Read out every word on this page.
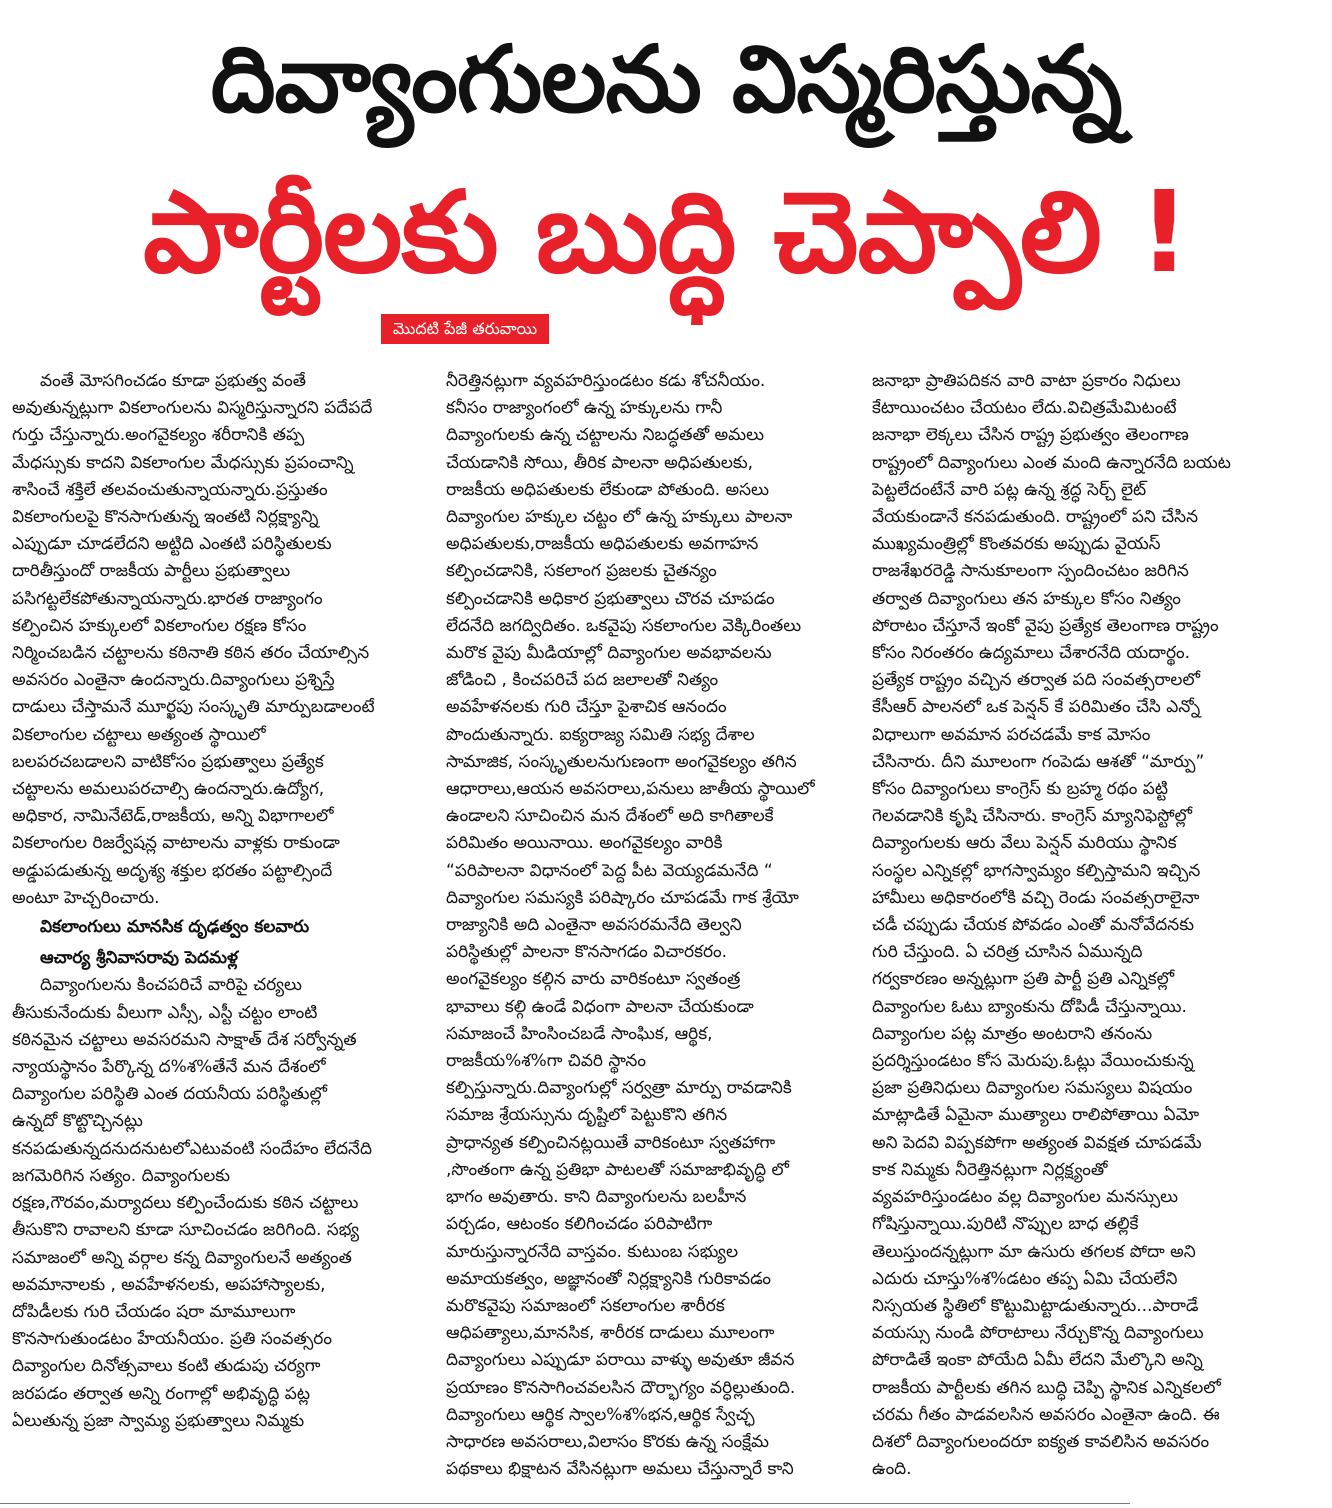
దివ్యాంగులను విస్మరిస్తున్న
పార్టీలకు బుద్ధి చెప్పాలి !
మొదటి పేజీ తరువాయి
వంతే మోసగించడం కూడా ప్రభుత్వ వంతే
అవుతున్నట్లుగా వికలాంగులను విస్మరిస్తున్నారని పదేపదే
గుర్తు చేస్తున్నారు.అంగవైకల్యం శరీరానికి తప్ప
మేధస్సుకు కాదని వికలాంగుల మేధస్సుకు ప్రపంచాన్ని
శాసించే శక్తిలే తలవంచుతున్నాయన్నారు.ప్రస్తుతం
వికలాంగులపై కొనసాగుతున్న ఇంతటి నిర్లక్ష్యాన్ని
ఎప్పుడూ చూడలేదని అట్టిది ఎంతటి పరిస్థితులకు
దారితీస్తుందో రాజకీయ పార్టీలు ప్రభుత్వాలు
పసిగట్టలేకపోతున్నాయన్నారు.భారత రాజ్యాంగం
కల్పించిన హక్కులలో వికలాంగుల రక్షణ కోసం
నిర్మించబడిన చట్టాలను కఠినాతి కఠిన తరం చేయాల్సిన
అవసరం ఎంతైనా ఉందన్నారు.దివ్యాంగులు ప్రశ్నిస్తే
దాడులు చేస్తామనే మూర్ఖపు సంస్కృతి మార్పుబడాలంటే
వికలాంగుల చట్టాలు అత్యంత స్థాయిలో
బలపరచబడాలని వాటికోసం ప్రభుత్వాలు ప్రత్యేక
చట్టాలను అమలుపరచాల్సి ఉందన్నారు.ఉద్యోగ,
అధికార, నామినేటెడ్,రాజకీయ, అన్ని విభాగాలలో
వికలాంగుల రిజర్వేషన్ల వాటాలను వాళ్లకు రాకుండా
అడ్డుపడుతున్న అదృశ్య శక్తుల భరతం పట్టాల్సిందే
అంటూ హెచ్చరించారు.

వికలాంగులు మానసిక దృఢత్వం కలవారు

ఆచార్య శ్రీనివాసరావు పెదమళ్ల

దివ్యాంగులను కించపరిచే వారిపై చర్యలు
తీసుకునేందుకు వీలుగా ఎస్సీ, ఎస్టీ చట్టం లాంటి
కఠినమైన చట్టాలు అవసరమని సాక్షాత్ దేశ సర్వోన్నత
న్యాయస్థానం పేర్కొన్న ద%శ%తేనే మన దేశంలో
దివ్యాంగుల పరిస్థితి ఎంత దయనీయ పరిస్థితుల్లో
ఉన్నదో కొట్టొచ్చినట్లు
కనపడుతున్నదనుదనుటలోఎటువంటి సందేహం లేదనేది
జగమెరిగిన సత్యం. దివ్యాంగులకు
రక్షణ,గౌరవం,మర్యాదలు కల్పించేందుకు కఠిన చట్టాలు
తీసుకొని రావాలని కూడా సూచించడం జరిగింది. సభ్య
సమాజంలో అన్ని వర్గాల కన్న దివ్యాంగులనే అత్యంత
అవమానాలకు , అవహేళనలకు, అపహాస్యాలకు,
దోపిడీలకు గురి చేయడం షరా మామూలుగా
కొనసాగుతుండటం హేయనీయం. ప్రతి సంవత్సరం
దివ్యాంగుల దినోత్సవాలు కంటి తుడుపు చర్యగా
జరపడం తర్వాత అన్ని రంగాల్లో అభివృద్ధి పట్ల
ఏలుతున్న ప్రజా స్వామ్య ప్రభుత్వాలు నిమ్మకు
నీరెత్తినట్లుగా వ్యవహరిస్తుండటం కడు శోచనీయం.
కనీసం రాజ్యాంగంలో ఉన్న హక్కులను గానీ
దివ్యాంగులకు ఉన్న చట్టాలను నిబద్ధతతో అమలు
చేయడానికి సోయి, తీరిక పాలనా అధిపతులకు,
రాజకీయ అధిపతులకు లేకుండా పోతుంది. అసలు
దివ్యాంగుల హక్కుల చట్టం లో ఉన్న హక్కులు పాలనా
అధిపతులకు,రాజకీయ అధిపతులకు అవగాహన
కల్పించడానికి, సకలాంగ ప్రజలకు చైతన్యం
కల్పించడానికి అధికార ప్రభుత్వాలు చొరవ చూపడం
లేదనేది జగద్విదితం. ఒకవైపు సకలాంగుల వెక్కిరింతలు
మరొక వైపు మీడియాల్లో దివ్యాంగుల అవభావలను
జోడించి , కించపరిచే పద జలాలతో నిత్యం
అవహేళనలకు గురి చేస్తూ పైశాచిక ఆనందం
పొందుతున్నారు. ఐక్యరాజ్య సమితి సభ్య దేశాల
సామాజిక, సంస్కృతులనుగుణంగా అంగవైకల్యం తగిన
ఆధారాలు,ఆయన అవసరాలు,పనులు జాతీయ స్థాయిలో
ఉండాలని సూచించిన మన దేశంలో అది కాగితాలకే
పరిమితం అయినాయి. అంగవైకల్యం వారికి
“పరిపాలనా విధానంలో పెద్ద పీట వెయ్యడమనేది “
దివ్యాంగుల సమస్యకి పరిష్కారం చూపడమే గాక శ్రేయో
రాజ్యానికి అది ఎంతైనా అవసరమనేది తెల్వని
పరిస్థితుల్లో పాలనా కొనసాగడం విచారకరం.
అంగవైకల్యం కల్గిన వారు వారికంటూ స్వతంత్ర
భావాలు కల్గి ఉండే విధంగా పాలనా చేయకుండా
సమాజంచే హింసించబడే సాంఘిక, ఆర్థిక,
రాజకీయ%శ%గా చివరి స్థానం
కల్పిస్తున్నారు.దివ్యాంగుల్లో సర్వత్రా మార్పు రావడానికి
సమాజ శ్రేయస్సును దృష్టిలో పెట్టుకొని తగిన
ప్రాధాన్యత కల్పించినట్లయితే వారికంటూ స్వతహాగా
,సొంతంగా ఉన్న ప్రతిభా పాటలతో సమాజాభివృద్ధి లో
భాగం అవుతారు. కాని దివ్యాంగులను బలహీన
పర్చడం, ఆటంకం కలిగించడం పరిపాటిగా
మారుస్తున్నారనేది వాస్తవం. కుటుంబ సభ్యుల
అమాయకత్వం, అజ్ఞానంతో నిర్లక్ష్యానికి గురికావడం
మరొకవైపు సమాజంలో సకలాంగుల శారీరక
ఆధిపత్యాలు,మానసిక, శారీరక దాడులు మూలంగా
దివ్యాంగులు ఎప్పుడూ పరాయి వాళ్ళు అవుతూ జీవన
ప్రయాణం కొనసాగించవలసిన దౌర్భాగ్యం వర్ధిల్లుతుంది.
దివ్యాంగులు ఆర్థిక స్వాల%శ%భన,ఆర్థిక స్వేచ్ఛ
సాధారణ అవసరాలు,విలాసం కొరకు ఉన్న సంక్షేమ
పథకాలు భిక్షాటన వేసినట్లుగా అమలు చేస్తున్నారే కాని
జనాభా ప్రాతిపదికన వారి వాటా ప్రకారం నిధులు
కేటాయించటం చేయటం లేదు.విచిత్రమేమిటంటే
జనాభా లెక్కలు చేసిన రాష్ట్ర ప్రభుత్వం తెలంగాణ
రాష్ట్రంలో దివ్యాంగులు ఎంత మంది ఉన్నారనేది బయట
పెట్టలేదంటేనే వారి పట్ల ఉన్న శ్రద్ధ సెర్చ్ లైట్
వేయకుండానే కనపడుతుంది. రాష్ట్రంలో పని చేసిన
ముఖ్యమంత్రిల్లో కొంతవరకు అప్పుడు వైయస్
రాజశేఖరరెడ్డి సానుకూలంగా స్పందించటం జరిగిన
తర్వాత దివ్యాంగులు తన హక్కుల కోసం నిత్యం
పోరాటం చేస్తూనే ఇంకో వైపు ప్రత్యేక తెలంగాణ రాష్ట్రం
కోసం నిరంతరం ఉద్యమాలు చేశారనేది యదార్థం.
ప్రత్యేక రాష్ట్రం వచ్చిన తర్వాత పది సంవత్సరాలలో
కేసీఆర్ పాలనలో ఒక పెన్షన్ కే పరిమితం చేసి ఎన్నో
విధాలుగా అవమాన పరచడమే కాక మోసం
చేసినారు. దీని మూలంగా గంపెడు ఆశతో “మార్పు”
కోసం దివ్యాంగులు కాంగ్రెస్ కు బ్రహ్మ రథం పట్టి
గెలవడానికి కృషి చేసినారు. కాంగ్రెస్ మ్యానిఫెస్టోల్లో
దివ్యాంగులకు ఆరు వేలు పెన్షన్ మరియు స్థానిక
సంస్థల ఎన్నికల్లో భాగస్వామ్యం కల్పిస్తామని ఇచ్చిన
హామీలు అధికారంలోకి వచ్చి రెండు సంవత్సరాలైనా
చడీ చప్పుడు చేయక పోవడం ఎంతో మనోవేదనకు
గురి చేస్తుంది. ఏ చరిత్ర చూసిన ఏమున్నది
గర్వకారణం అన్నట్లుగా ప్రతి పార్టీ ప్రతి ఎన్నికల్లో
దివ్యాంగుల ఓటు బ్యాంకును దోపిడీ చేస్తున్నాయి.
దివ్యాంగుల పట్ల మాత్రం అంటరాని తనంను
ప్రదర్శిస్తుండటం కోస మెరుపు.ఓట్లు వేయించుకున్న
ప్రజా ప్రతినిధులు దివ్యాంగుల సమస్యలు విషయం
మాట్లాడితే ఏమైనా ముత్యాలు రాలిపోతాయి ఏమో
అని పెదవి విప్పకపోగా అత్యంత వివక్షత చూపడమే
కాక నిమ్మకు నీరెత్తినట్లుగా నిర్లక్ష్యంతో
వ్యవహరిస్తుండటం వల్ల దివ్యాంగుల మనస్సులు
గోషిస్తున్నాయి.పురిటి నొప్పుల బాధ తల్లికే
తెలుస్తుందన్నట్లుగా మా ఉసురు తగలక పోదా అని
ఎదురు చూస్తు%శ%డటం తప్ప ఏమి చేయలేని
నిస్సయత స్థితిలో కొట్టుమిట్టాడుతున్నారు...పారాడే
వయస్సు నుండి పోరాటాలు నేర్చుకొన్న దివ్యాంగులు
పోరాడితే ఇంకా పోయేది ఏమీ లేదని మేల్కొని అన్ని
రాజకీయ పార్టీలకు తగిన బుద్ధి చెప్పి స్థానిక ఎన్నికలలో
చరమ గీతం పాడవలసిన అవసరం ఎంతైనా ఉంది. ఈ
దిశలో దివ్యాంగులందరూ ఐక్యత కావలిసిన అవసరం
ఉంది.
